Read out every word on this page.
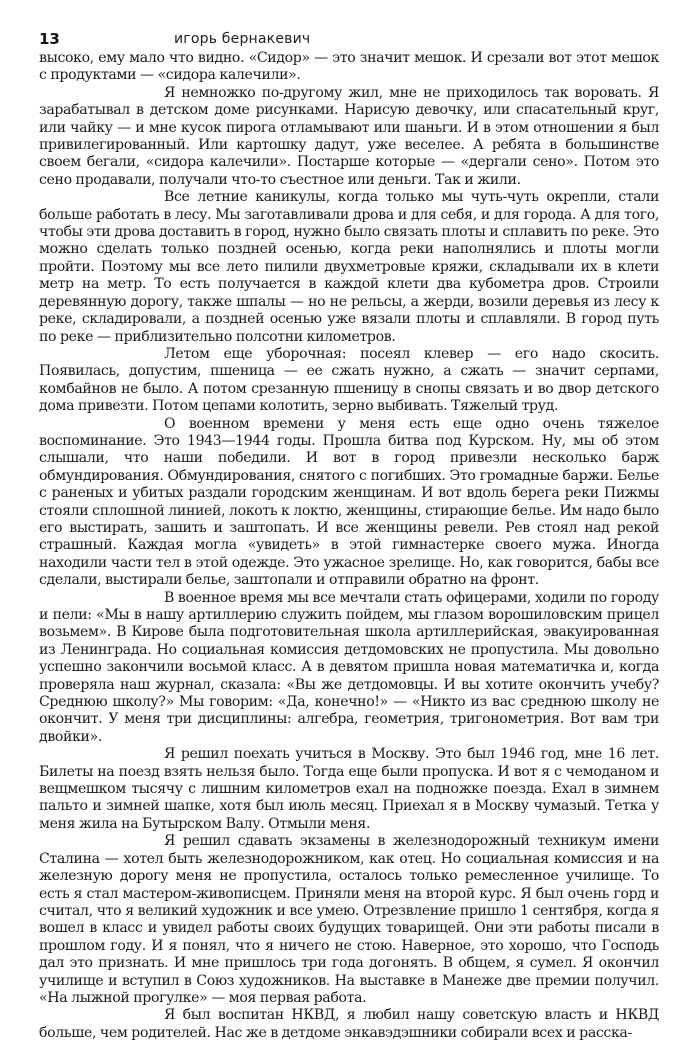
13	игорь бернакевич

высоко, ему мало что видно. «Сидор» — это значит мешок. И срезали вот этот мешок с продуктами — «сидора калечили».

Я немножко по-другому жил, мне не приходилось так воровать. Я зарабатывал в детском доме рисунками. Нарисую девочку, или спасательный круг, или чайку — и мне кусок пирога отламывают или шаньги. И в этом отношении я был привилегированный. Или картошку дадут, уже веселее. А ребята в большинстве своем бегали, «сидора калечили». Постарше которые — «дергали сено». Потом это сено продавали, получали что-то съестное или деньги. Так и жили.

Все летние каникулы, когда только мы чуть-чуть окрепли, стали больше работать в лесу. Мы заготавливали дрова и для себя, и для города. А для того, чтобы эти дрова доставить в город, нужно было связать плоты и сплавить по реке. Это можно сделать только поздней осенью, когда реки наполнялись и плоты могли пройти. Поэтому мы все лето пилили двухметровые кряжи, складывали их в клети метр на метр. То есть получается в каждой клети два кубометра дров. Строили деревянную дорогу, также шпалы — но не рельсы, а жерди, возили деревья из лесу к реке, складировали, а поздней осенью уже вязали плоты и сплавляли. В город путь по реке — приблизительно полсотни километров.

Летом еще уборочная: посеял клевер — его надо скосить. Появилась, допустим, пшеница — ее сжать нужно, а сжать — значит серпами, комбайнов не было. А потом срезанную пшеницу в снопы связать и во двор детского дома привезти. Потом цепами колотить, зерно выбивать. Тяжелый труд.

О военном времени у меня есть еще одно очень тяжелое воспоминание. Это 1943—1944 годы. Прошла битва под Курском. Ну, мы об этом слышали, что наши победили. И вот в город привезли несколько барж обмундирования. Обмундирования, снятого с погибших. Это громадные баржи. Белье с раненых и убитых раздали городским женщинам. И вот вдоль берега реки Пижмы стояли сплошной линией, локоть к локтю, женщины, стирающие белье. Им надо было его выстирать, зашить и заштопать. И все женщины ревели. Рев стоял над рекой страшный. Каждая могла «увидеть» в этой гимнастерке своего мужа. Иногда находили части тел в этой одежде. Это ужасное зрелище. Но, как говорится, бабы все сделали, выстирали белье, заштопали и отправили обратно на фронт.

В военное время мы все мечтали стать офицерами, ходили по городу и пели: «Мы в нашу артиллерию служить пойдем, мы глазом ворошиловским прицел возьмем». В Кирове была подготовительная школа артиллерийская, эвакуированная из Ленинграда. Но социальная комиссия детдомовских не пропустила. Мы довольно успешно закончили восьмой класс. А в девятом пришла новая математичка и, когда проверяла наш журнал, сказала: «Вы же детдомовцы. И вы хотите окончить учебу? Среднюю школу?» Мы говорим: «Да, конечно!» — «Никто из вас среднюю школу не окончит. У меня три дисциплины: алгебра, геометрия, тригонометрия. Вот вам три двойки».

Я решил поехать учиться в Москву. Это был 1946 год, мне 16 лет. Билеты на поезд взять нельзя было. Тогда еще были пропуска. И вот я с чемоданом и вещмешком тысячу с лишним километров ехал на подножке поезда. Ехал в зимнем пальто и зимней шапке, хотя был июль месяц. Приехал я в Москву чумазый. Тетка у меня жила на Бутырском Валу. Отмыли меня.

Я решил сдавать экзамены в железнодорожный техникум имени Сталина — хотел быть железнодорожником, как отец. Но социальная комиссия и на железную дорогу меня не пропустила, осталось только ремесленное училище. То есть я стал мастером-живописцем. Приняли меня на второй курс. Я был очень горд и считал, что я великий художник и все умею. Отрезвление пришло 1 сентября, когда я вошел в класс и увидел работы своих будущих товарищей. Они эти работы писали в прошлом году. И я понял, что я ничего не стою. Наверное, это хорошо, что Господь дал это признать. И мне пришлось три года догонять. В общем, я сумел. Я окончил училище и вступил в Союз художников. На выставке в Манеже две премии получил. «На лыжной прогулке» — моя первая работа.

Я был воспитан НКВД, я любил нашу советскую власть и НКВД больше, чем родителей. Нас же в детдоме энкавэдэшники собирали всех и расска-
